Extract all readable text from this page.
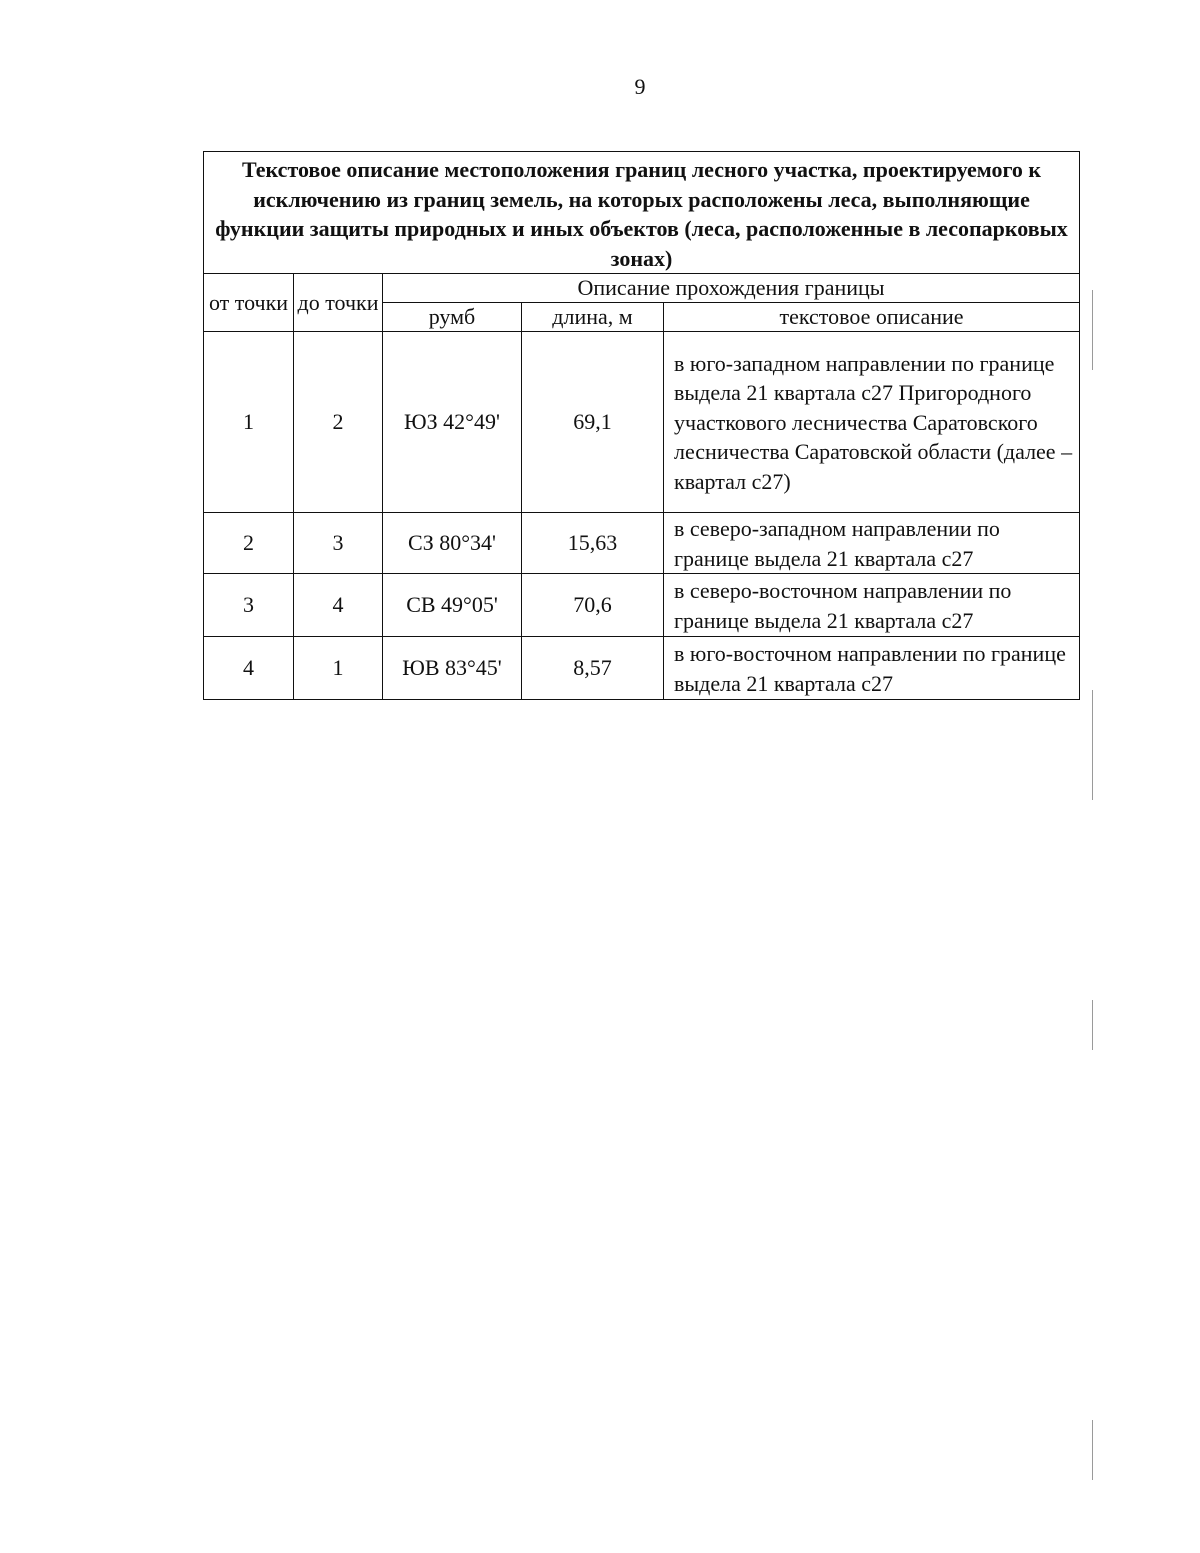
9
Текстовое описание местоположения границ лесного участка, проектируемого к исключению из границ земель, на которых расположены леса, выполняющие функции защиты природных и иных объектов (леса, расположенные в лесопарковых зонах)				
от точки	до точки	Описание прохождения границы		
		румб	длина, м	текстовое описание
1	2	ЮЗ 42°49'	69,1	в юго-западном направлении по границе выдела 21 квартала с27 Пригородного участкового лесничества Саратовского лесничества Саратовской области (далее – квартал с27)
2	3	СЗ 80°34'	15,63	в северо-западном направлении по границе выдела 21 квартала с27
3	4	СВ 49°05'	70,6	в северо-восточном направлении по границе выдела 21 квартала с27
4	1	ЮВ 83°45'	8,57	в юго-восточном направлении по границе выдела 21 квартала с27
